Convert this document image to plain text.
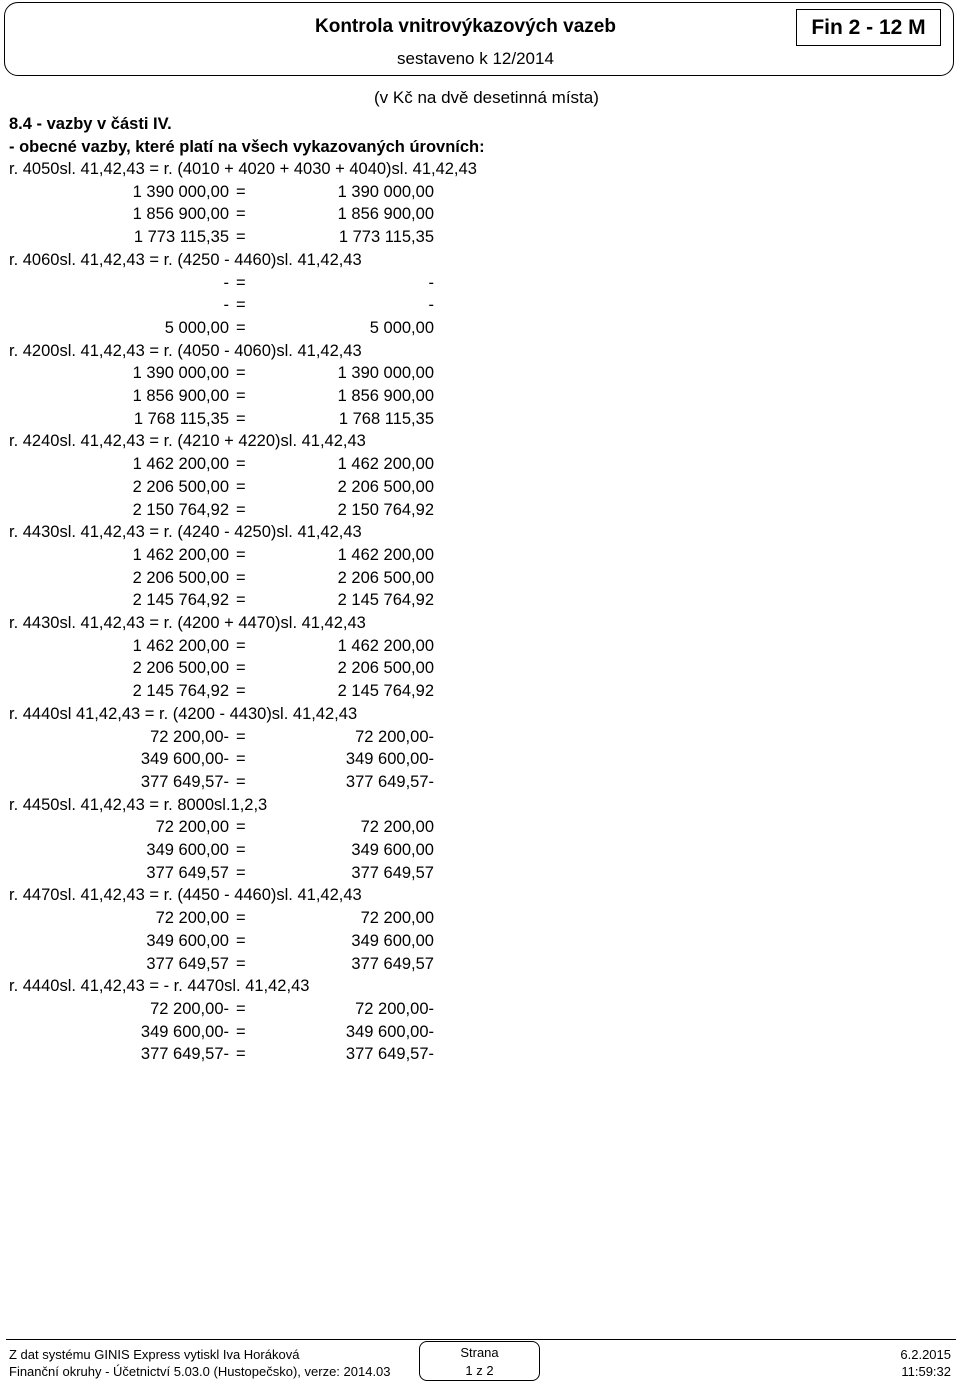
Kontrola vnitrovýkazových vazeb
sestaveno k 12/2014
Fin 2 - 12 M
(v Kč na dvě desetinná místa)
8.4 - vazby v části IV.
- obecné vazby, které platí na všech vykazovaných úrovních:
r. 4050sl. 41,42,43 = r. (4010 + 4020 + 4030 + 4040)sl. 41,42,43
1 390 000,00 =	1 390 000,00
1 856 900,00 =	1 856 900,00
1 773 115,35 =	1 773 115,35
r. 4060sl. 41,42,43 = r. (4250 - 4460)sl. 41,42,43
- =	-
- =	-
5 000,00 =	5 000,00
r. 4200sl. 41,42,43 = r. (4050 - 4060)sl. 41,42,43
1 390 000,00 =	1 390 000,00
1 856 900,00 =	1 856 900,00
1 768 115,35 =	1 768 115,35
r. 4240sl. 41,42,43 = r. (4210 + 4220)sl. 41,42,43
1 462 200,00 =	1 462 200,00
2 206 500,00 =	2 206 500,00
2 150 764,92 =	2 150 764,92
r. 4430sl. 41,42,43 = r. (4240 - 4250)sl. 41,42,43
1 462 200,00 =	1 462 200,00
2 206 500,00 =	2 206 500,00
2 145 764,92 =	2 145 764,92
r. 4430sl. 41,42,43 = r. (4200 + 4470)sl. 41,42,43
1 462 200,00 =	1 462 200,00
2 206 500,00 =	2 206 500,00
2 145 764,92 =	2 145 764,92
r. 4440sl 41,42,43 = r. (4200 - 4430)sl. 41,42,43
72 200,00- =	72 200,00-
349 600,00- =	349 600,00-
377 649,57- =	377 649,57-
r. 4450sl. 41,42,43 = r. 8000sl.1,2,3
72 200,00 =	72 200,00
349 600,00 =	349 600,00
377 649,57 =	377 649,57
r. 4470sl. 41,42,43 = r. (4450 - 4460)sl. 41,42,43
72 200,00 =	72 200,00
349 600,00 =	349 600,00
377 649,57 =	377 649,57
r. 4440sl. 41,42,43 = - r. 4470sl. 41,42,43
72 200,00- =	72 200,00-
349 600,00- =	349 600,00-
377 649,57- =	377 649,57-
Z dat systému GINIS Express vytiskl Iva Horáková
Finanční okruhy - Účetnictví 5.03.0 (Hustopečsko), verze: 2014.03
Strana
1 z 2
6.2.2015
11:59:32
